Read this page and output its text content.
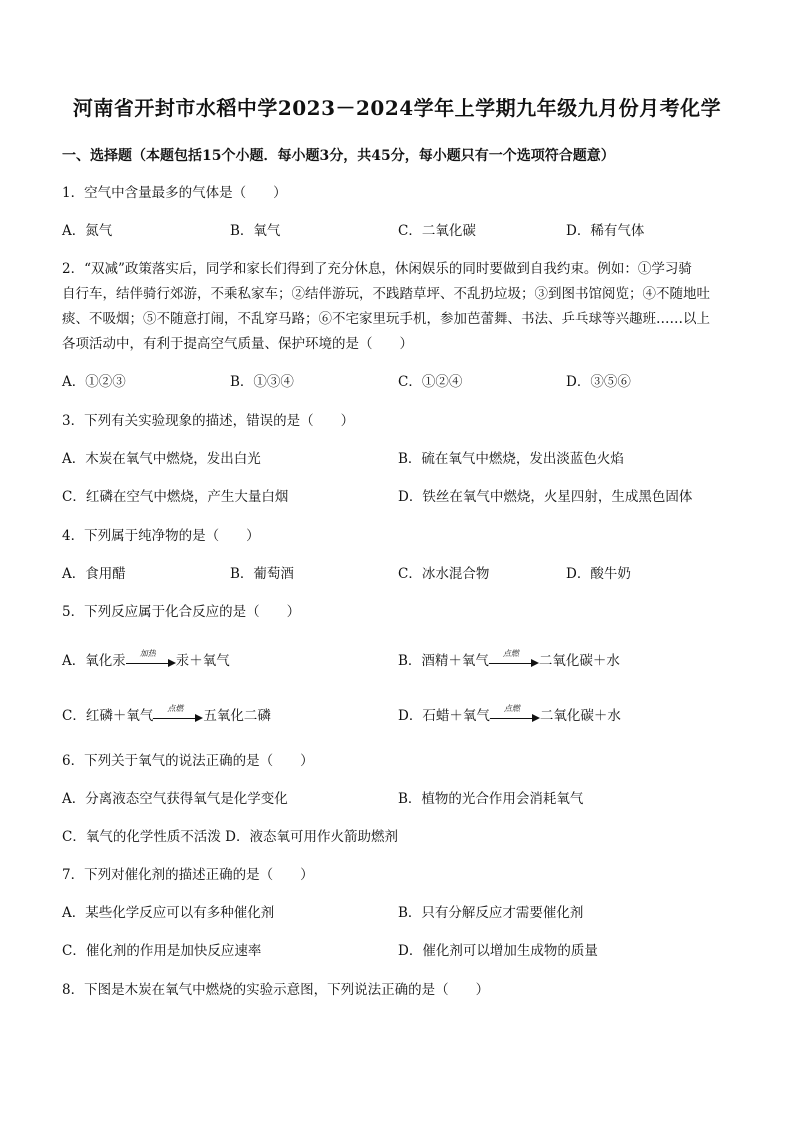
河南省开封市水稻中学2023－2024学年上学期九年级九月份月考化学
一、选择题（本题包括15个小题．每小题3分，共45分，每小题只有一个选项符合题意）
1．空气中含量最多的气体是（　　）
A．氮气	B．氧气	C．二氧化碳	D．稀有气体
2．“双减”政策落实后，同学和家长们得到了充分休息，休闲娱乐的同时要做到自我约束。例如：①学习骑
自行车，结伴骑行郊游，不乘私家车；②结伴游玩，不践踏草坪、不乱扔垃圾；③到图书馆阅览；④不随地吐
痰、不吸烟；⑤不随意打闹，不乱穿马路；⑥不宅家里玩手机，参加芭蕾舞、书法、乒乓球等兴趣班……以上
各项活动中，有利于提高空气质量、保护环境的是（　　）
A．①②③	B．①③④	C．①②④	D．③⑤⑥
3．下列有关实验现象的描述，错误的是（　　）
A．木炭在氧气中燃烧，发出白光	B．硫在氧气中燃烧，发出淡蓝色火焰
C．红磷在空气中燃烧，产生大量白烟	D．铁丝在氧气中燃烧，火星四射，生成黑色固体
4．下列属于纯净物的是（　　）
A．食用醋	B．葡萄酒	C．冰水混合物	D．酸牛奶
5．下列反应属于化合反应的是（　　）
A．氧化汞	加热	汞＋氧气	B．酒精＋氧气	点燃	二氧化碳＋水
C．红磷＋氧气	点燃	五氧化二磷	D．石蜡＋氧气	点燃	二氧化碳＋水
6．下列关于氧气的说法正确的是（　　）
A．分离液态空气获得氧气是化学变化	B．植物的光合作用会消耗氧气
C．氧气的化学性质不活泼 D．液态氧可用作火箭助燃剂
7．下列对催化剂的描述正确的是（　　）
A．某些化学反应可以有多种催化剂	B．只有分解反应才需要催化剂
C．催化剂的作用是加快反应速率	D．催化剂可以增加生成物的质量
8．下图是木炭在氧气中燃烧的实验示意图，下列说法正确的是（　　）
